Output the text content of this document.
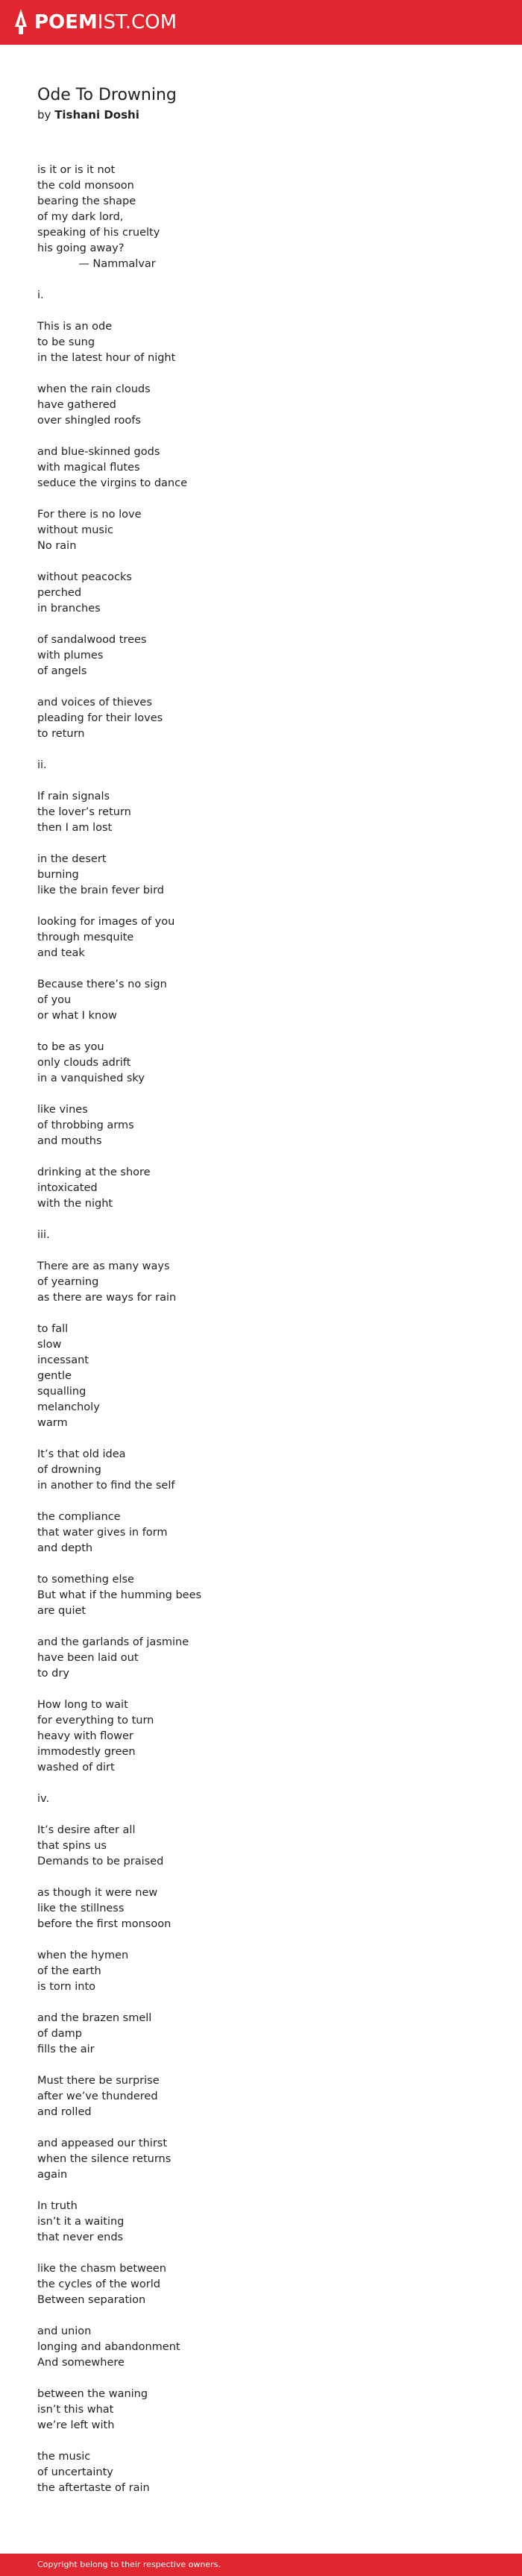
POEMIST.COM
Ode To Drowning
by Tishani Doshi
is it or is it not
the cold monsoon
bearing the shape
of my dark lord,
speaking of his cruelty
his going away?
— Nammalvar
i.
This is an ode
to be sung
in the latest hour of night
when the rain clouds
have gathered
over shingled roofs
and blue-skinned gods
with magical flutes
seduce the virgins to dance
For there is no love
without music
No rain
without peacocks
perched
in branches
of sandalwood trees
with plumes
of angels
and voices of thieves
pleading for their loves
to return
ii.
If rain signals
the lover’s return
then I am lost
in the desert
burning
like the brain fever bird
looking for images of you
through mesquite
and teak
Because there’s no sign
of you
or what I know
to be as you
only clouds adrift
in a vanquished sky
like vines
of throbbing arms
and mouths
drinking at the shore
intoxicated
with the night
iii.
There are as many ways
of yearning
as there are ways for rain
to fall
slow
incessant
gentle
squalling
melancholy
warm
It’s that old idea
of drowning
in another to find the self
the compliance
that water gives in form
and depth
to something else
But what if the humming bees
are quiet
and the garlands of jasmine
have been laid out
to dry
How long to wait
for everything to turn
heavy with flower
immodestly green
washed of dirt
iv.
It’s desire after all
that spins us
Demands to be praised
as though it were new
like the stillness
before the first monsoon
when the hymen
of the earth
is torn into
and the brazen smell
of damp
fills the air
Must there be surprise
after we’ve thundered
and rolled
and appeased our thirst
when the silence returns
again
In truth
isn’t it a waiting
that never ends
like the chasm between
the cycles of the world
Between separation
and union
longing and abandonment
And somewhere
between the waning
isn’t this what
we’re left with
the music
of uncertainty
the aftertaste of rain
Copyright belong to their respective owners.
